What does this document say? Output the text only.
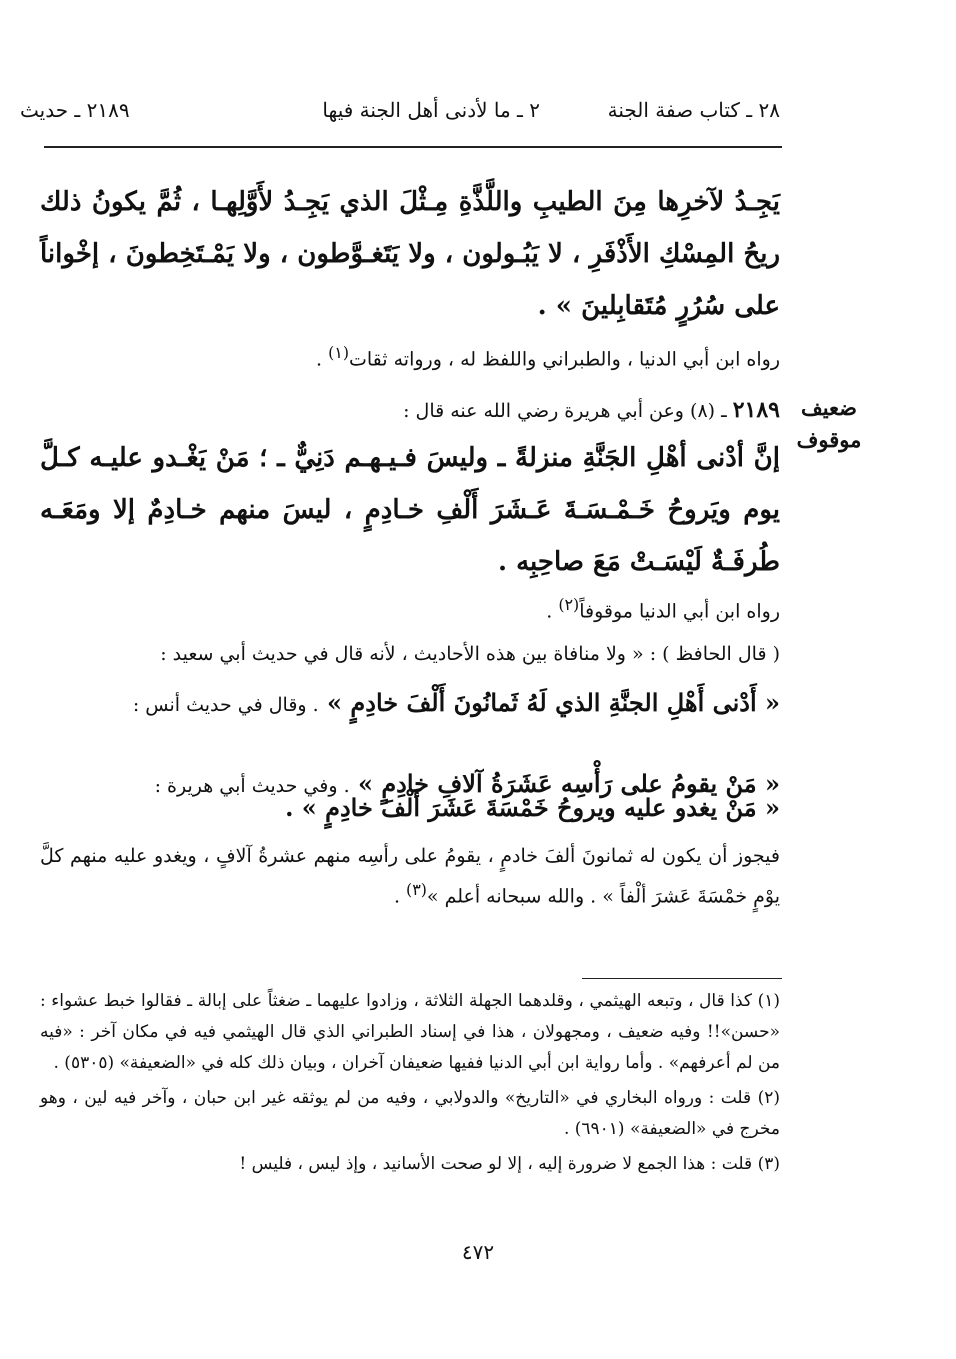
٢٨ ـ كتاب صفة الجنة
٢ ـ ما لأدنى أهل الجنة فيها
٢١٨٩ ـ حديث

يَجِـدُ لآخرِها مِنَ الطيبِ واللَّذَّةِ مِـثْلَ الذي يَجِـدُ لأَوَّلِهـا ، ثُمَّ يكونُ ذلك ريحُ المِسْكِ الأَذْفَرِ ، لا يَبُـولون ، ولا يَتَغـوَّطون ، ولا يَمْـتَخِطونَ ، إخْواناً على سُرُرٍ مُتَقابِلينَ » .

رواه ابن أبي الدنيا ، والطبراني واللفظ له ، ورواته ثقات$^{(١)}$ .

ضعيف
موقوف

٢١٨٩ ـ (٨) وعن أبي هريرة رضي الله عنه قال :

إنَّ أدْنى أهْلِ الجَنَّةِ منزلةً ـ وليسَ فـيـهـم دَنِيٌّ ـ ؛ مَنْ يَغْـدو عليـه كـلَّ يوم ويَروحُ خَـمْـسَـةَ عَـشَرَ أَلْفِ خـادِمٍ ، ليسَ منهم خـادِمٌ إلا ومَعَـه طُرفَـةٌ لَيْسَـتْ مَعَ صاحِبِه .

رواه ابن أبي الدنيا موقوفاً$^{(٢)}$ .

( قال الحافظ ) : « ولا منافاة بين هذه الأحاديث ، لأنه قال في حديث أبي سعيد :

« أَدْنى أَهْلِ الجنَّةِ الذي لَهُ ثَمانُونَ أَلْفَ خادِمٍ » . وقال في حديث أنس :

« مَنْ يقومُ على رَأْسِه عَشَرَةُ آلافِ خادِمٍ » . وفي حديث أبي هريرة :

« مَنْ يغدو عليه ويروحُ خَمْسَةَ عَشَرَ أَلْفَ خادِمٍ » .

فيجوز أن يكون له ثمانونَ ألفَ خادمٍ ، يقومُ على رأسِه منهم عشرةُ آلافٍ ، ويغدو عليه منهم كلَّ يوْمٍ خمْسَةَ عَشرَ ألْفاً » . والله سبحانه أعلم »$^{(٣)}$ .

(١) كذا قال ، وتبعه الهيثمي ، وقلدهما الجهلة الثلاثة ، وزادوا عليهما ـ ضغثاً على إبالة ـ فقالوا خبط عشواء : «حسن»!! وفيه ضعيف ، ومجهولان ، هذا في إسناد الطبراني الذي قال الهيثمي فيه في مكان آخر : «فيه من لم أعرفهم» . وأما رواية ابن أبي الدنيا ففيها ضعيفان آخران ، وبيان ذلك كله في «الضعيفة» (٥٣٠٥) .

(٢) قلت : ورواه البخاري في «التاريخ» والدولابي ، وفيه من لم يوثقه غير ابن حبان ، وآخر فيه لين ، وهو مخرج في «الضعيفة» (٦٩٠١) .

(٣) قلت : هذا الجمع لا ضرورة إليه ، إلا لو صحت الأسانيد ، وإذ ليس ، فليس !

٤٧٢
